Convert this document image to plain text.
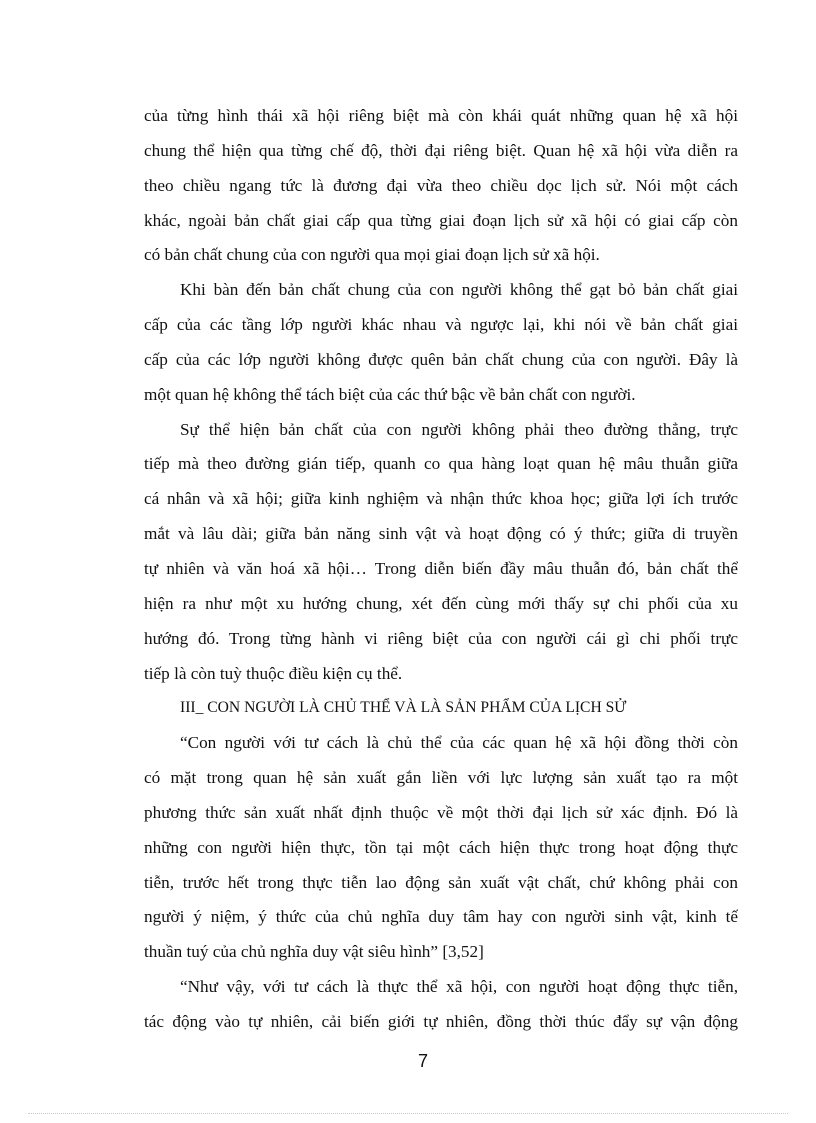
của từng hình thái xã hội riêng biệt mà còn khái quát những quan hệ xã hội
chung thể hiện qua từng chế độ, thời đại riêng biệt. Quan hệ xã hội vừa diễn ra
theo chiều ngang tức là đương đại vừa theo chiều dọc lịch sử. Nói một cách
khác, ngoài bản chất giai cấp qua từng giai đoạn lịch sử xã hội có giai cấp còn
có bản chất chung của con người qua mọi giai đoạn lịch sử xã hội.
Khi bàn đến bản chất chung của con người không thể gạt bỏ bản chất giai
cấp của các tầng lớp người khác nhau và ngược lại, khi nói về bản chất giai
cấp của các lớp người không được quên bản chất chung của con người. Đây là
một quan hệ không thể tách biệt của các thứ bậc về bản chất con người.
Sự thể hiện bản chất của con người không phải theo đường thẳng, trực
tiếp mà theo đường gián tiếp, quanh co qua hàng loạt quan hệ mâu thuẫn giữa
cá nhân và xã hội; giữa kinh nghiệm và nhận thức khoa học; giữa lợi ích trước
mắt và lâu dài; giữa bản năng sinh vật và hoạt động có ý thức; giữa di truyền
tự nhiên và văn hoá xã hội… Trong diễn biến đầy mâu thuẫn đó, bản chất thể
hiện ra như một xu hướng chung, xét đến cùng mới thấy sự chi phối của xu
hướng đó. Trong từng hành vi riêng biệt của con người cái gì chi phối trực
tiếp là còn tuỳ thuộc điều kiện cụ thể.
III_ CON NGƯỜI LÀ CHỦ THỂ VÀ LÀ SẢN PHẨM CỦA LỊCH SỬ
“Con người với tư cách là chủ thể của các quan hệ xã hội đồng thời còn
có mặt trong quan hệ sản xuất gắn liền với lực lượng sản xuất tạo ra một
phương thức sản xuất nhất định thuộc về một thời đại lịch sử xác định. Đó là
những con người hiện thực, tồn tại một cách hiện thực trong hoạt động thực
tiễn, trước hết trong thực tiễn lao động sản xuất vật chất, chứ không phải con
người ý niệm, ý thức của chủ nghĩa duy tâm hay con người sinh vật, kinh tế
thuần tuý của chủ nghĩa duy vật siêu hình” [3,52]
“Như vậy, với tư cách là thực thể xã hội, con người hoạt động thực tiễn,
tác động vào tự nhiên, cải biến giới tự nhiên, đồng thời thúc đẩy sự vận động
7
